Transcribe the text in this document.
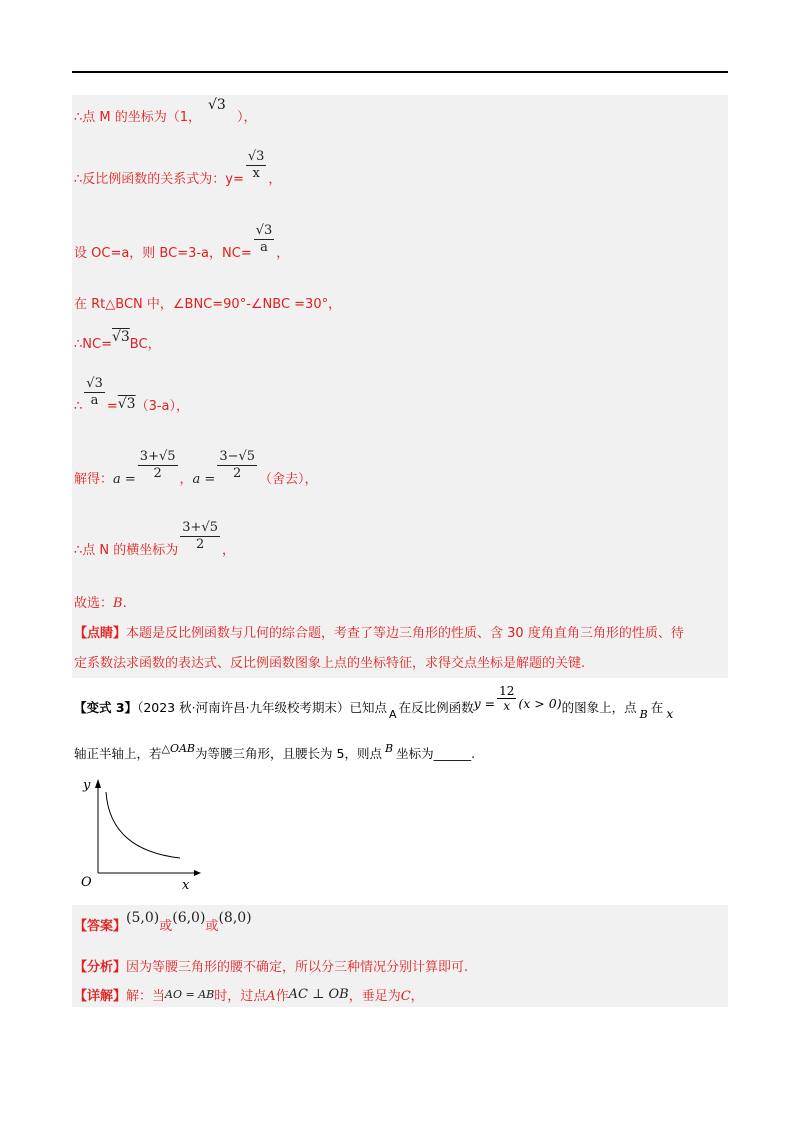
∴点 M 的坐标为（1，	），
√3
∴反比例函数的关系式为：$y= \frac{√3}{x}$ ，
设 OC=a，则 BC=3-a，$NC= \frac{√3}{a}$ ，
在 Rt△BCN 中，∠BNC=90°-∠NBC =30°，
∴NC=√3BC，
∴ $\frac{√3}{a} =√3(3-a)$，
解得：$a = \frac{3+√5}{2}$ ，$a = \frac{3-√5}{2}$ （舍去），
∴点 N 的横坐标为 $\frac{3+√5}{2}$ ，
故选：B.
【点睛】本题是反比例函数与几何的综合题，考查了等边三角形的性质、含 30 度角直角三角形的性质、待
定系数法求函数的表达式、反比例函数图象上点的坐标特征，求得交点坐标是解题的关键.
【变式 3】（2023 秋·河南许昌·九年级校考期末）已知点 A 在反比例函数$y = \frac{12}{x} (x > 0)$的图象上，点 B 在 x
轴正半轴上，若△OAB为等腰三角形，且腰长为 5，则点 B 坐标为______.
y
x
O
【答案】(5,0)或(6,0)或(8,0)
【分析】因为等腰三角形的腰不确定，所以分三种情况分别计算即可.
【详解】解：当AO = AB时，过点A作AC ⊥ OB，垂足为C，
